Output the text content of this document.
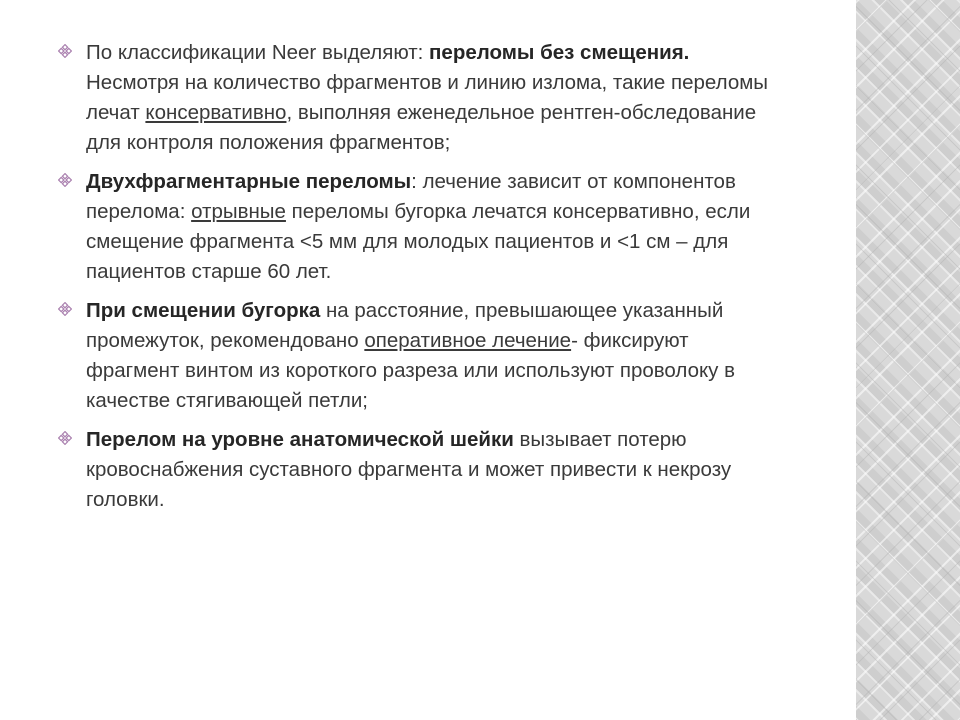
По классификации Neer выделяют: переломы без смещения.
Несмотря на количество фрагментов и линию излома, такие переломы
лечат консервативно, выполняя еженедельное рентген-обследование
для контроля положения фрагментов;
Двухфрагментарные переломы: лечение зависит от компонентов
перелома: отрывные переломы бугорка лечатся консервативно, если
смещение фрагмента <5 мм для молодых пациентов и <1 см – для
пациентов старше 60 лет.
При смещении бугорка на расстояние, превышающее указанный
промежуток, рекомендовано оперативное лечение- фиксируют
фрагмент винтом из короткого разреза или используют проволоку в
качестве стягивающей петли;
Перелом на уровне анатомической шейки вызывает потерю
кровоснабжения суставного фрагмента и может привести к некрозу
головки.
